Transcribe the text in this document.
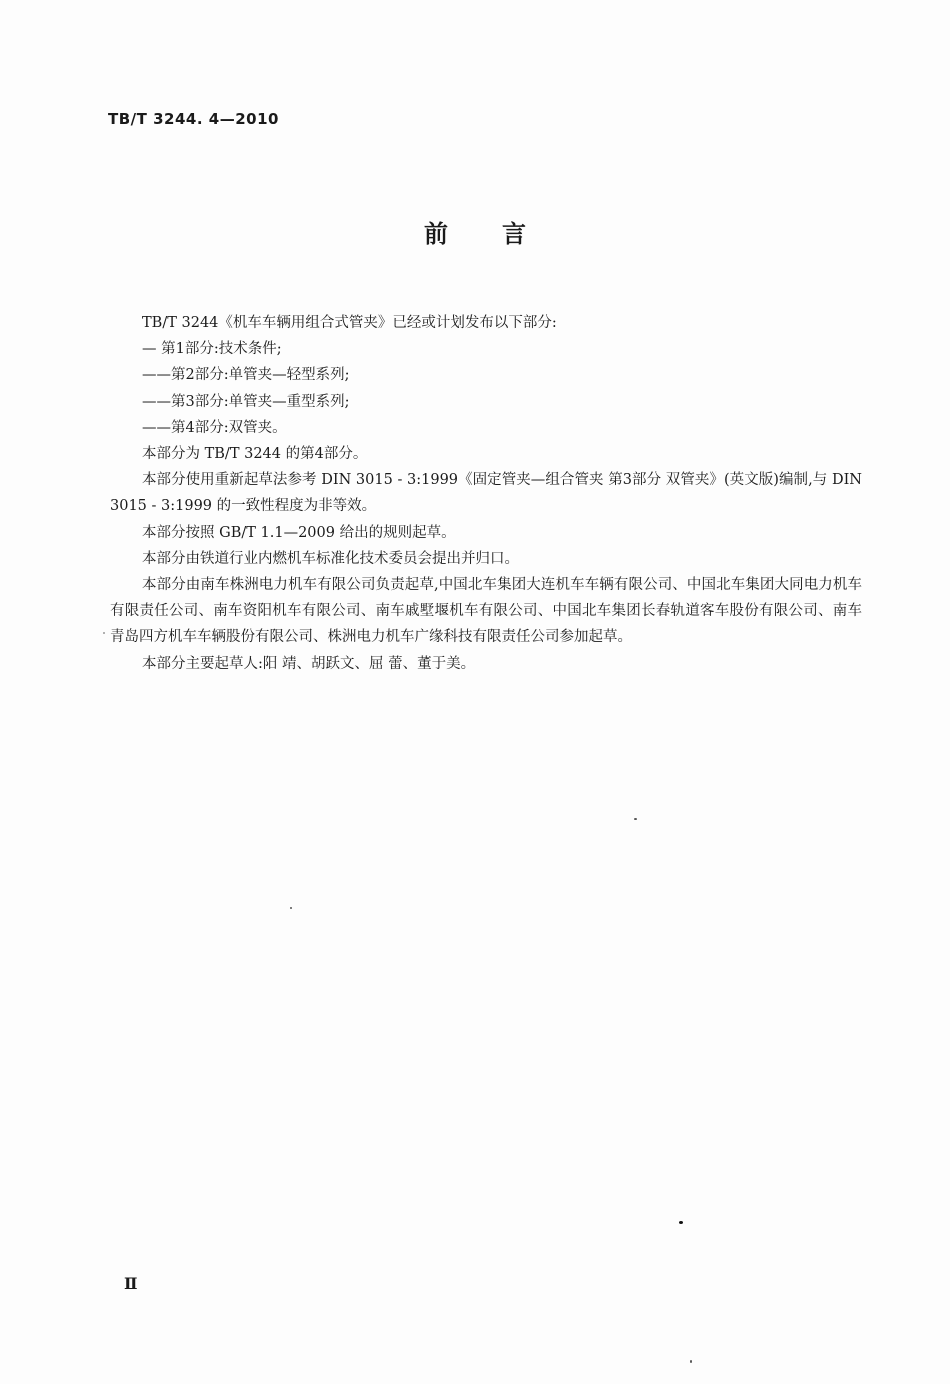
TB/T 3244. 4—2010
前言

TB/T 3244《机车车辆用组合式管夹》已经或计划发布以下部分:

— 第1部分:技术条件;

——第2部分:单管夹—轻型系列;

——第3部分:单管夹—重型系列;

——第4部分:双管夹。

本部分为 TB/T 3244 的第4部分。

本部分使用重新起草法参考 DIN 3015 - 3:1999《固定管夹—组合管夹 第3部分 双管夹》(英文版)编制,与 DIN 3015 - 3:1999 的一致性程度为非等效。

本部分按照 GB/T 1.1—2009 给出的规则起草。

本部分由铁道行业内燃机车标准化技术委员会提出并归口。

本部分由南车株洲电力机车有限公司负责起草,中国北车集团大连机车车辆有限公司、中国北车集团大同电力机车有限责任公司、南车资阳机车有限公司、南车戚墅堰机车有限公司、中国北车集团长春轨道客车股份有限公司、南车青岛四方机车车辆股份有限公司、株洲电力机车广缘科技有限责任公司参加起草。

本部分主要起草人:阳 靖、胡跃文、屈 蕾、董于美。

Ⅱ
